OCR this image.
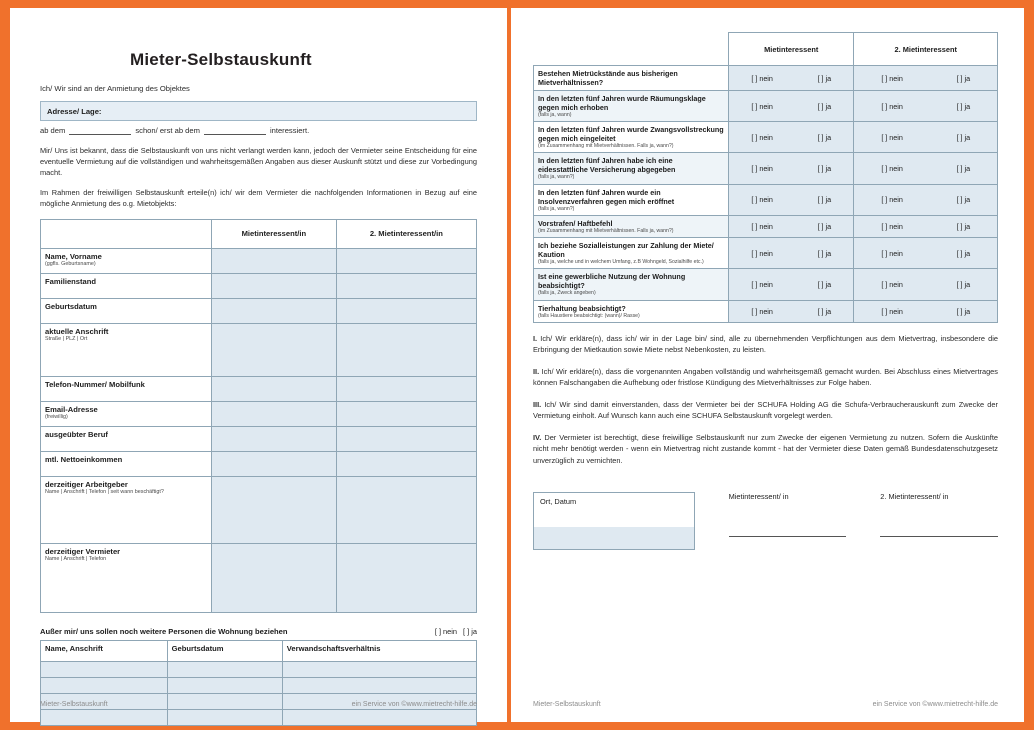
Mieter-Selbstauskunft
Ich/ Wir sind an der Anmietung des Objektes
Adresse/ Lage:
ab dem	schon/ erst ab dem	interessiert.

Mir/ Uns ist bekannt, dass die Selbstauskunft von uns nicht verlangt werden kann, jedoch der Vermieter seine Entscheidung für eine eventuelle Vermietung auf die vollständigen und wahrheitsgemäßen Angaben aus dieser Auskunft stützt und diese zur Vorbedingung macht.

Im Rahmen der freiwilligen Selbstauskunft erteile(n) ich/ wir dem Vermieter die nachfolgenden Informationen in Bezug auf eine mögliche Anmietung des o.g. Mietobjekts:

	Mietinteressent/in	2. Mietinteressent/in
Name, Vorname
(ggfls. Geburtsname)		

Familienstand		
Geburtsdatum		
aktuelle Anschrift
Straße | PLZ | Ort		

Telefon-Nummer/ Mobilfunk		
Email-Adresse
(freiwillig)		

ausgeübter Beruf		
mtl. Nettoeinkommen		
derzeitiger Arbeitgeber
Name | Anschrift | Telefon | seit wann beschäftigt?		

derzeitiger Vermieter
Name | Anschrift | Telefon		

Außer mir/ uns sollen noch weitere Personen die Wohnung beziehen	[ ] nein [ ] ja
Name, Anschrift	Geburtsdatum	Verwandschaftsverhältnis

Mieter-Selbstauskunft	ein Service von ©www.mietrecht-hilfe.de
	Mietinteressent	2. Mietinteressent
Bestehen Mietrückstände aus bisherigen Mietverhältnissen?	[ ] nein [ ] ja	[ ] nein [ ] ja

In den letzten fünf Jahren wurde Räumungsklage gegen mich erhoben
(falls ja, wann)	[ ] nein [ ] ja	[ ] nein [ ] ja

In den letzten fünf Jahren wurde Zwangsvollstreckung gegen mich eingeleitet
(im Zusammenhang mit Mietverhältnissen. Falls ja, wann?)	[ ] nein [ ] ja	[ ] nein [ ] ja

In den letzten fünf Jahren habe ich eine eidesstattliche Versicherung abgegeben
(falls ja, wann?)	[ ] nein [ ] ja	[ ] nein [ ] ja

In den letzten fünf Jahren wurde ein Insolvenzverfahren gegen mich eröffnet
(falls ja, wann?)	[ ] nein [ ] ja	[ ] nein [ ] ja

Vorstrafen/ Haftbefehl
(im Zusammenhang mit Mietverhältnissen. Falls ja, wann?)	[ ] nein [ ] ja	[ ] nein [ ] ja

Ich beziehe Sozialleistungen zur Zahlung der Miete/ Kaution
(falls ja, welche und in welchem Umfang, z.B Wohngeld, Sozialhilfe etc.)	[ ] nein [ ] ja	[ ] nein [ ] ja

Ist eine gewerbliche Nutzung der Wohnung beabsichtigt?
(falls ja, Zweck angeben)	[ ] nein [ ] ja	[ ] nein [ ] ja

Tierhaltung beabsichtigt?
(falls Haustiere beabsichtigt: (wann)/ Rasse)	[ ] nein [ ] ja	[ ] nein [ ] ja

I. Ich/ Wir erkläre(n), dass ich/ wir in der Lage bin/ sind, alle zu übernehmenden Verpflichtungen aus dem Mietvertrag, insbesondere die Erbringung der Mietkaution sowie Miete nebst Nebenkosten, zu leisten.

II. Ich/ Wir erkläre(n), dass die vorgenannten Angaben vollständig und wahrheitsgemäß gemacht wurden. Bei Abschluss eines Mietvertrages können Falschangaben die Aufhebung oder fristlose Kündigung des Mietverhältnisses zur Folge haben.

III. Ich/ Wir sind damit einverstanden, dass der Vermieter bei der SCHUFA Holding AG die Schufa-Verbraucherauskunft zum Zwecke der Vermietung einholt. Auf Wunsch kann auch eine SCHUFA Selbstauskunft vorgelegt werden.

IV. Der Vermieter ist berechtigt, diese freiwillige Selbstauskunft nur zum Zwecke der eigenen Vermietung zu nutzen. Sofern die Auskünfte nicht mehr benötigt werden - wenn ein Mietvertrag nicht zustande kommt - hat der Vermieter diese Daten gemäß Bundesdatenschutzgesetz unverzüglich zu vernichten.

Ort, Datum
Mietinteressent/ in	2. Mietinteressent/ in
Mieter-Selbstauskunft	ein Service von ©www.mietrecht-hilfe.de
